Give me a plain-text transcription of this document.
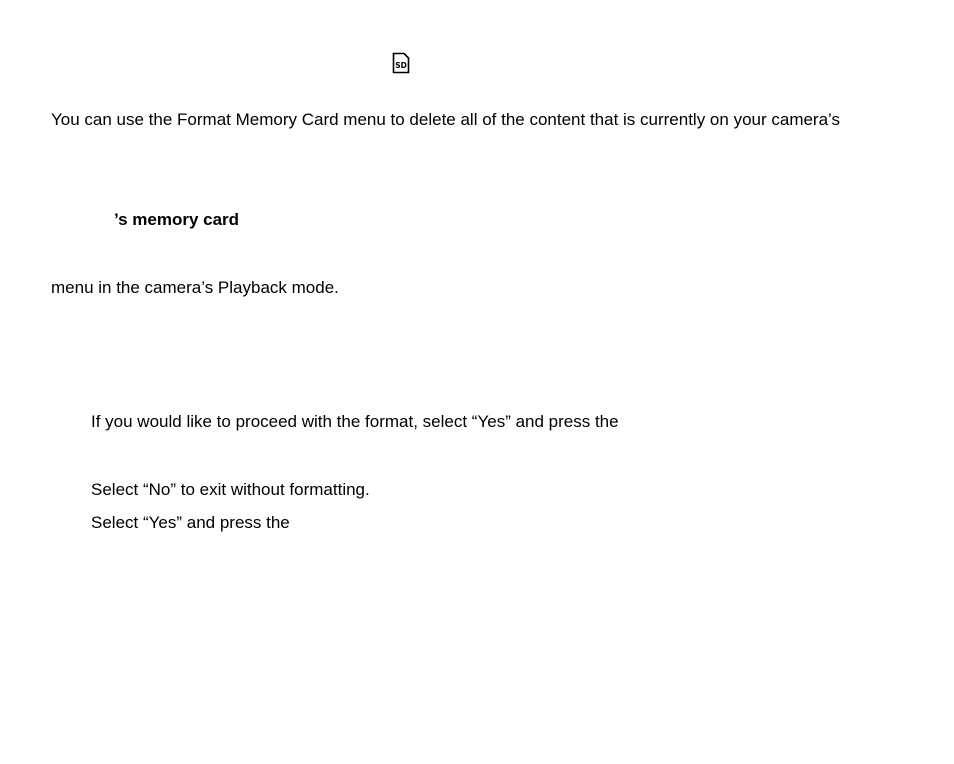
SD
You can use the Format Memory Card menu to delete all of the content that is currently on your camera’s
’s memory card
menu in the camera’s Playback mode.
If you would like to proceed with the format, select “Yes” and press the
Select “No” to exit without formatting.
Select “Yes” and press the
